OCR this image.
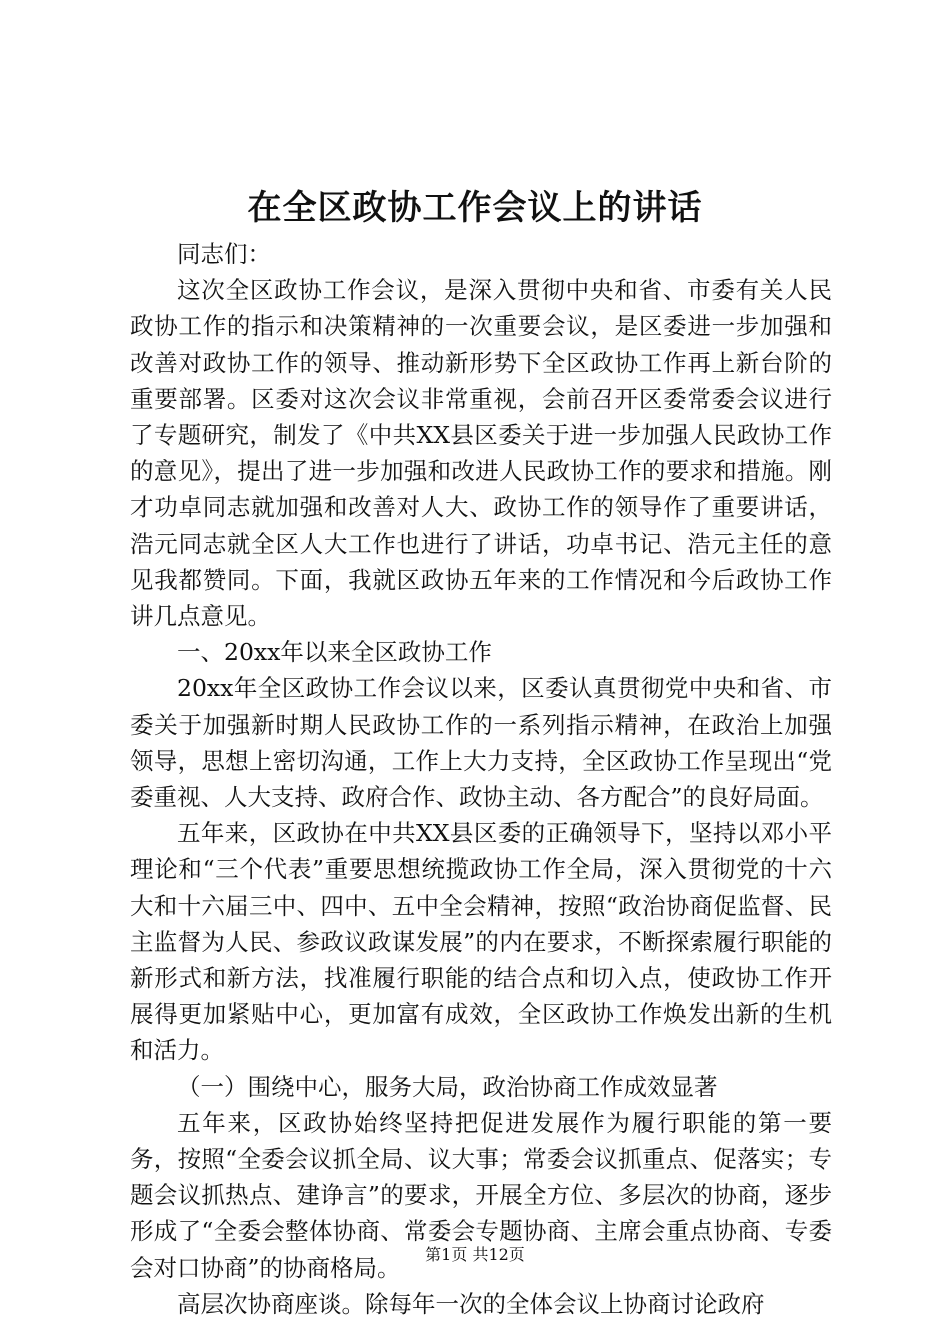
在全区政协工作会议上的讲话

同志们：

这次全区政协工作会议，是深入贯彻中央和省、市委有关人民政协工作的指示和决策精神的一次重要会议，是区委进一步加强和改善对政协工作的领导、推动新形势下全区政协工作再上新台阶的重要部署。区委对这次会议非常重视，会前召开区委常委会议进行了专题研究，制发了《中共XX县区委关于进一步加强人民政协工作的意见》，提出了进一步加强和改进人民政协工作的要求和措施。刚才功卓同志就加强和改善对人大、政协工作的领导作了重要讲话，浩元同志就全区人大工作也进行了讲话，功卓书记、浩元主任的意见我都赞同。下面，我就区政协五年来的工作情况和今后政协工作讲几点意见。

一、20xx年以来全区政协工作

20xx年全区政协工作会议以来，区委认真贯彻党中央和省、市委关于加强新时期人民政协工作的一系列指示精神，在政治上加强领导，思想上密切沟通，工作上大力支持，全区政协工作呈现出“党委重视、人大支持、政府合作、政协主动、各方配合”的良好局面。

五年来，区政协在中共XX县区委的正确领导下，坚持以邓小平理论和“三个代表”重要思想统揽政协工作全局，深入贯彻党的十六大和十六届三中、四中、五中全会精神，按照“政治协商促监督、民主监督为人民、参政议政谋发展”的内在要求，不断探索履行职能的新形式和新方法，找准履行职能的结合点和切入点，使政协工作开展得更加紧贴中心，更加富有成效，全区政协工作焕发出新的生机和活力。

（一）围绕中心，服务大局，政治协商工作成效显著

五年来，区政协始终坚持把促进发展作为履行职能的第一要务，按照“全委会议抓全局、议大事；常委会议抓重点、促落实；专题会议抓热点、建诤言”的要求，开展全方位、多层次的协商，逐步形成了“全委会整体协商、常委会专题协商、主席会重点协商、专委会对口协商”的协商格局。

高层次协商座谈。除每年一次的全体会议上协商讨论政府

第1页 共12页
